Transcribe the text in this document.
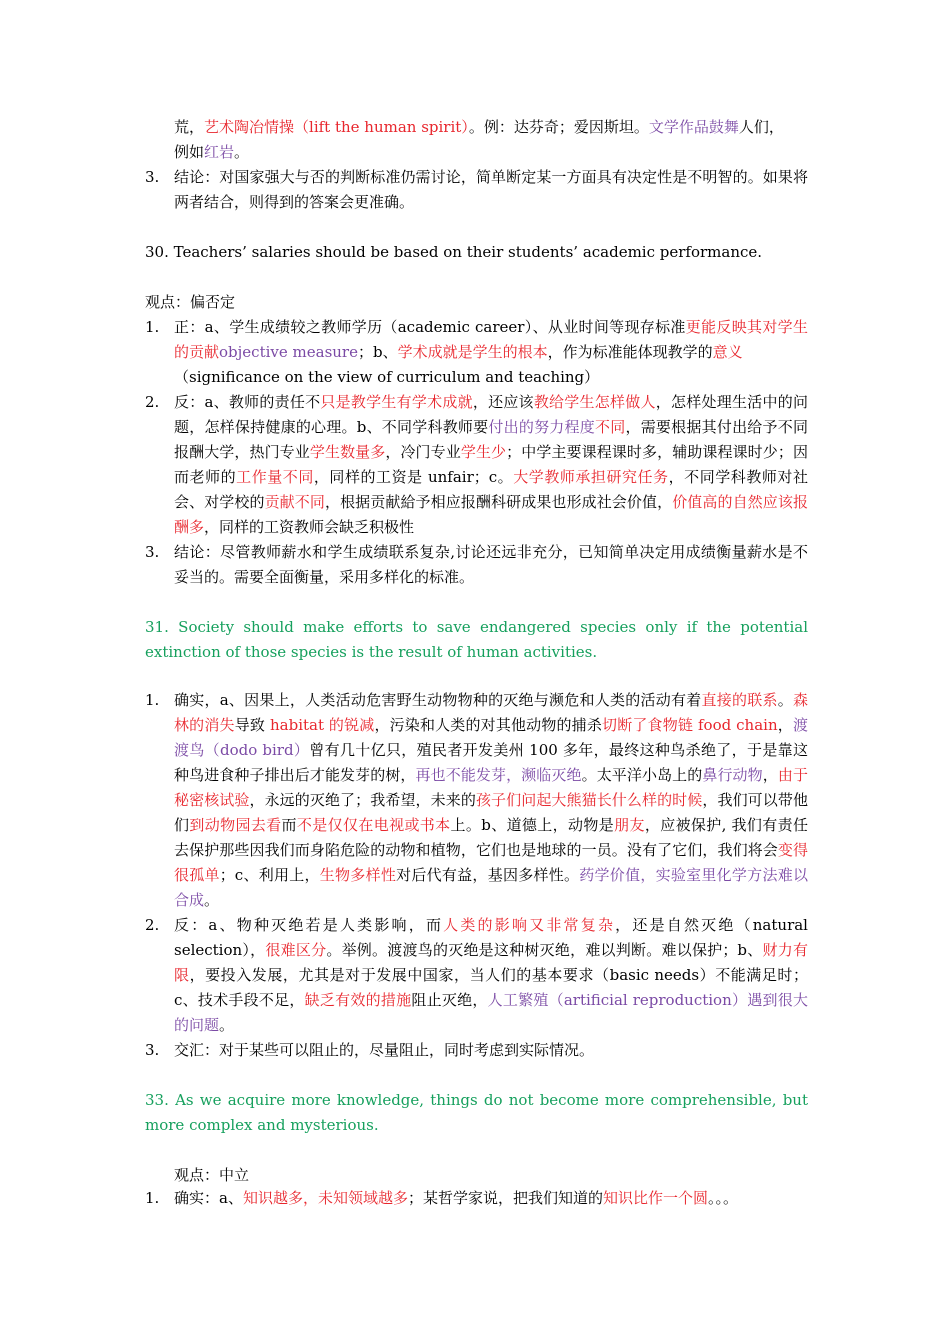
荒，艺术陶冶情操（lift the human spirit）。例：达芬奇；爱因斯坦。文学作品鼓舞人们，
例如红岩。
3. 结论：对国家强大与否的判断标准仍需讨论，简单断定某一方面具有决定性是不明智的。如果将两者结合，则得到的答案会更准确。
30. Teachers’ salaries should be based on their students’ academic performance.
观点：偏否定
1. 正：a、学生成绩较之教师学历（academic career）、从业时间等现存标准更能反映其对学生的贡献objective measure；b、学术成就是学生的根本，作为标准能体现教学的意义
（significance on the view of curriculum and teaching）
2. 反：a、教师的责任不只是教学生有学术成就，还应该教给学生怎样做人，怎样处理生活中的问题，怎样保持健康的心理。b、不同学科教师要付出的努力程度不同，需要根据其付出给予不同报酬大学，热门专业学生数量多，冷门专业学生少；中学主要课程课时多，辅助课程课时少；因而老师的工作量不同，同样的工资是 unfair；c。大学教师承担研究任务，不同学科教师对社会、对学校的贡献不同，根据贡献給予相应报酬科研成果也形成社会价值，价值高的自然应该报酬多，同样的工资教师会缺乏积极性
3. 结论：尽管教师薪水和学生成绩联系复杂,讨论还远非充分，已知简单决定用成绩衡量薪水是不妥当的。需要全面衡量，采用多样化的标准。
31. Society should make efforts to save endangered species only if the potential extinction of those species is the result of human activities.
1. 确实，a、因果上，人类活动危害野生动物物种的灭绝与濒危和人类的活动有着直接的联系。森林的消失导致 habitat 的锐减，污染和人类的对其他动物的捕杀切断了食物链 food chain，渡渡鸟（dodo bird）曾有几十亿只，殖民者开发美州 100 多年，最终这种鸟杀绝了，于是靠这种鸟进食种子排出后才能发芽的树，再也不能发芽，濒临灭绝。太平洋小岛上的鼻行动物，由于秘密核试验，永远的灭绝了；我希望，未来的孩子们问起大熊猫长什么样的时候，我们可以带他们到动物园去看而不是仅仅在电视或书本上。b、道德上，动物是朋友，应被保护, 我们有责任去保护那些因我们而身陷危险的动物和植物，它们也是地球的一员。没有了它们，我们将会变得很孤单；c、利用上，生物多样性对后代有益，基因多样性。药学价值，实验室里化学方法难以合成。
2. 反：a、物种灭绝若是人类影响，而人类的影响又非常复杂，还是自然灭绝（natural selection），很难区分。举例。渡渡鸟的灭绝是这种树灭绝，难以判断。难以保护；b、财力有限，要投入发展，尤其是对于发展中国家，当人们的基本要求（basic needs）不能满足时；c、技术手段不足，缺乏有效的措施阻止灭绝，人工繁殖（artificial reproduction）遇到很大的问题。
3. 交汇：对于某些可以阻止的，尽量阻止，同时考虑到实际情况。
33. As we acquire more knowledge, things do not become more comprehensible, but more complex and mysterious.
观点：中立
1. 确实：a、知识越多，未知领域越多；某哲学家说，把我们知道的知识比作一个圆。。。
